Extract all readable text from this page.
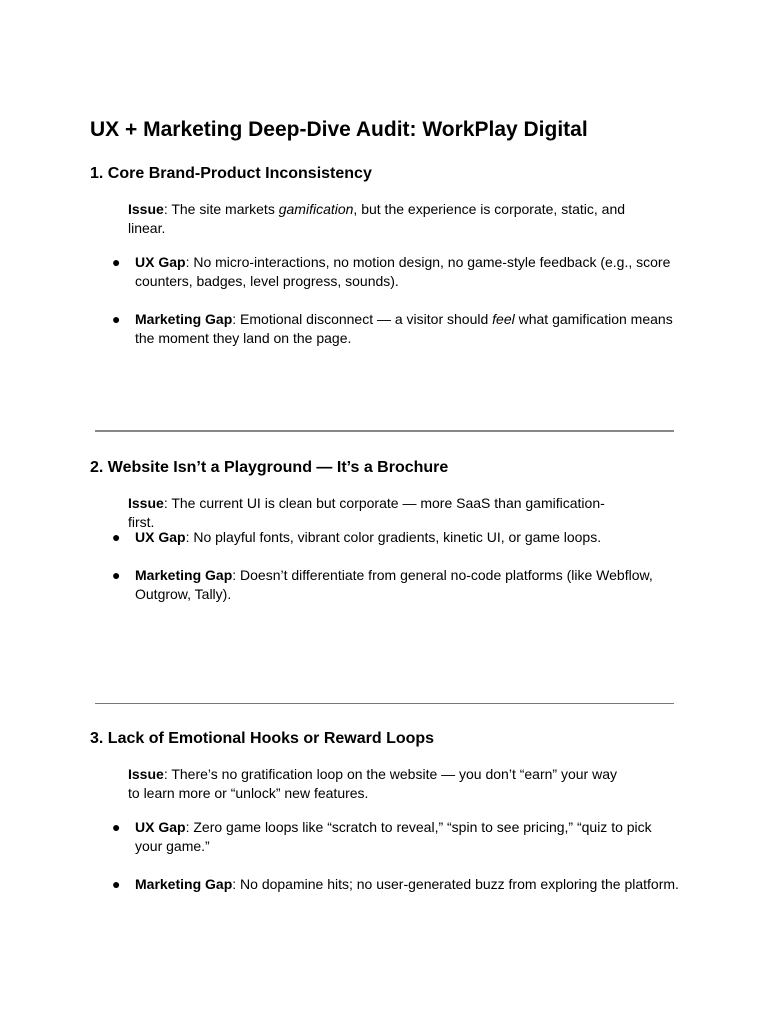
UX + Marketing Deep-Dive Audit: WorkPlay Digital
1. Core Brand-Product Inconsistency

Issue: The site markets gamification, but the experience is corporate, static, and linear.

● UX Gap: No micro-interactions, no motion design, no game-style feedback (e.g., score counters, badges, level progress, sounds).
● Marketing Gap: Emotional disconnect — a visitor should feel what gamification means the moment they land on the page.
2. Website Isn’t a Playground — It’s a Brochure

Issue: The current UI is clean but corporate — more SaaS than gamification-first.

● UX Gap: No playful fonts, vibrant color gradients, kinetic UI, or game loops.
● Marketing Gap: Doesn’t differentiate from general no-code platforms (like Webflow, Outgrow, Tally).
3. Lack of Emotional Hooks or Reward Loops

Issue: There’s no gratification loop on the website — you don’t “earn” your way to learn more or “unlock” new features.

● UX Gap: Zero game loops like “scratch to reveal,” “spin to see pricing,” “quiz to pick your game.”
● Marketing Gap: No dopamine hits; no user-generated buzz from exploring the platform.
